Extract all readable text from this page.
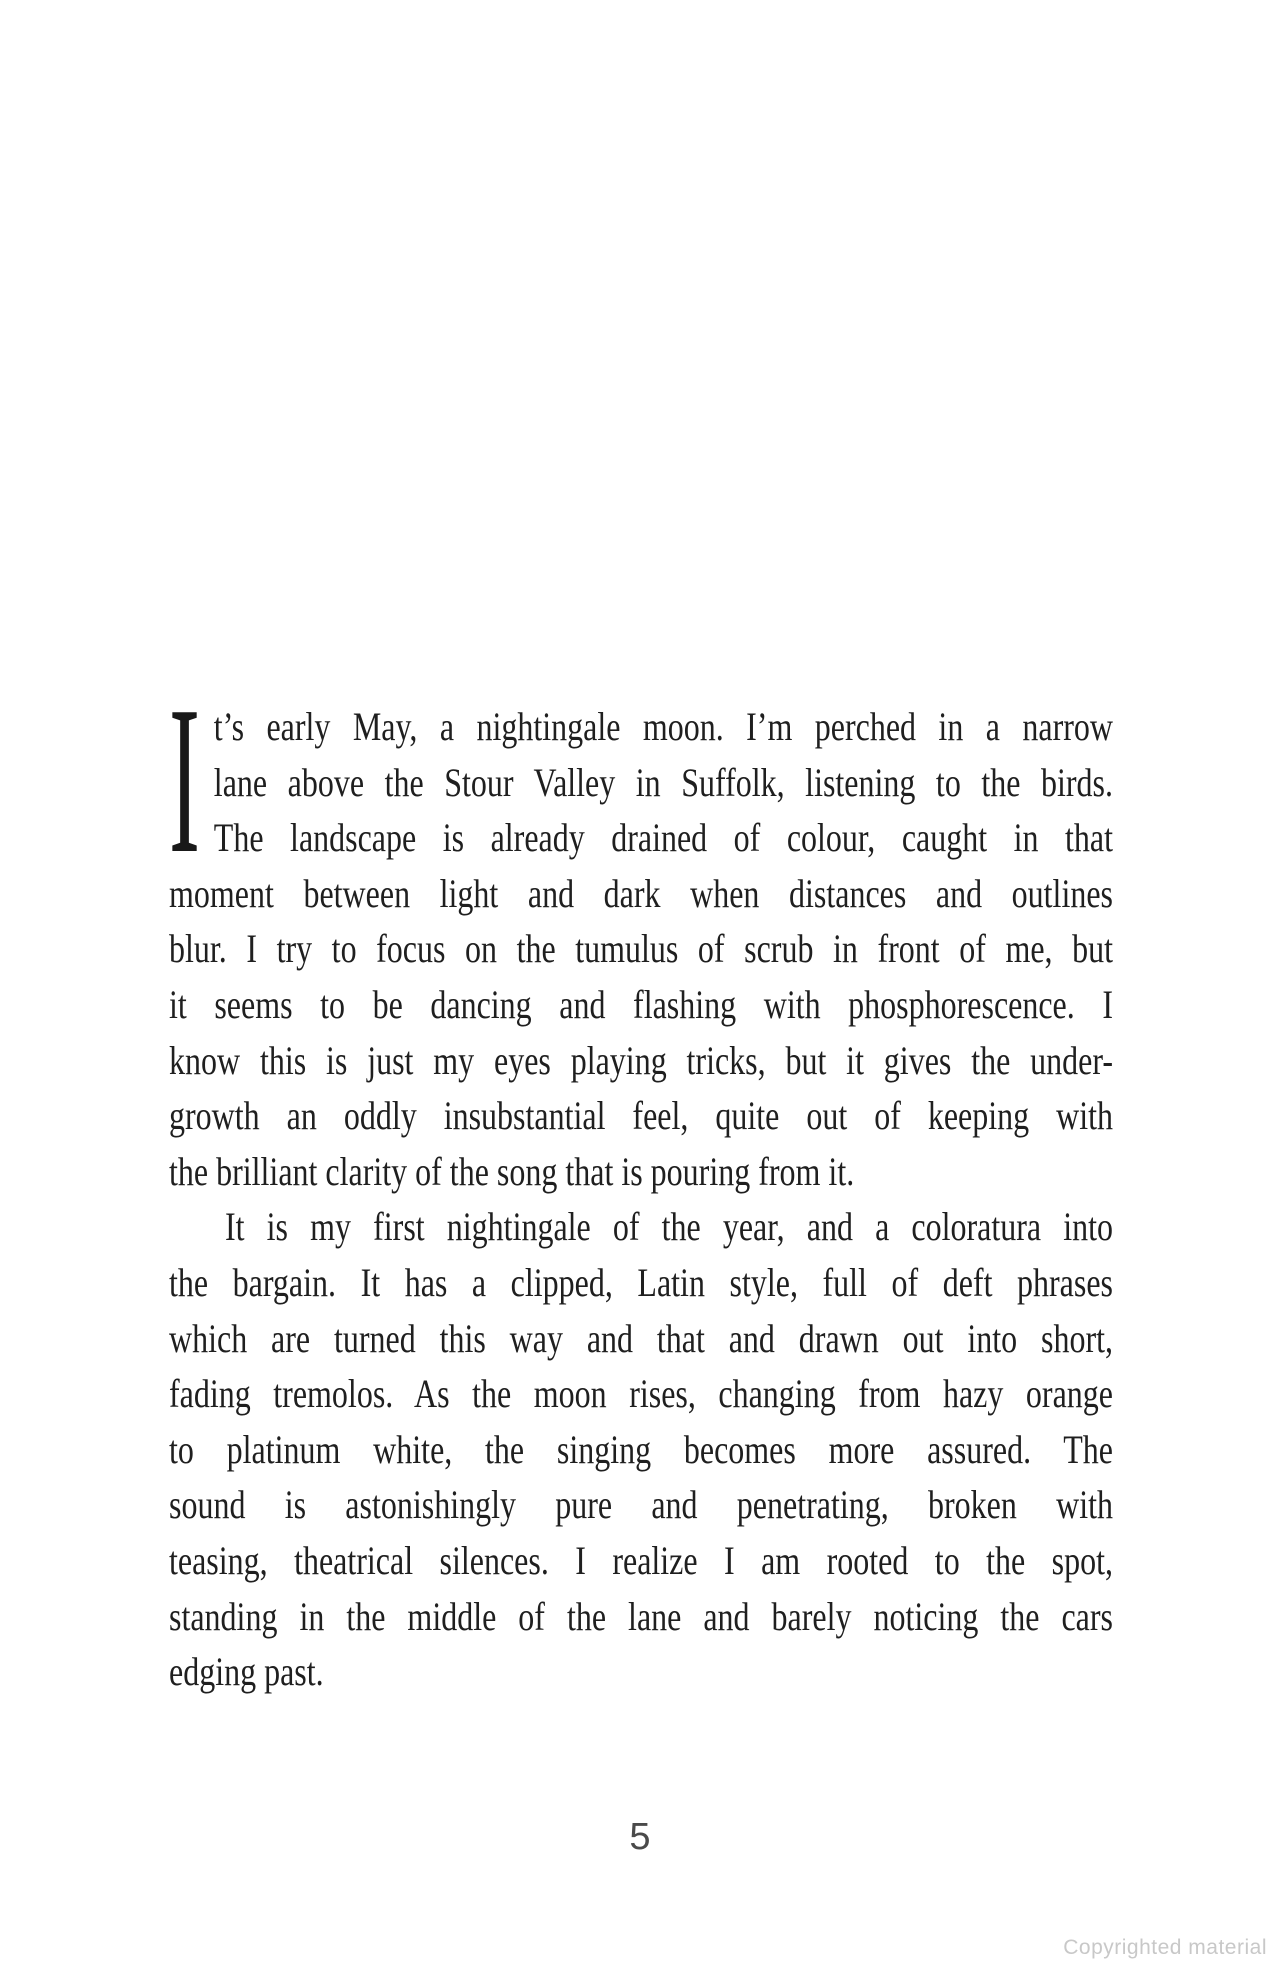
I t’s early May, a nightingale moon. I’m perched in a narrow
lane above the Stour Valley in Suffolk, listening to the birds.
The landscape is already drained of colour, caught in that
moment between light and dark when distances and outlines
blur. I try to focus on the tumulus of scrub in front of me, but
it seems to be dancing and flashing with phosphorescence. I
know this is just my eyes playing tricks, but it gives the under-
growth an oddly insubstantial feel, quite out of keeping with
the brilliant clarity of the song that is pouring from it.
It is my first nightingale of the year, and a coloratura into
the bargain. It has a clipped, Latin style, full of deft phrases
which are turned this way and that and drawn out into short,
fading tremolos. As the moon rises, changing from hazy orange
to platinum white, the singing becomes more assured. The
sound is astonishingly pure and penetrating, broken with
teasing, theatrical silences. I realize I am rooted to the spot,
standing in the middle of the lane and barely noticing the cars
edging past.
5
Copyrighted material
